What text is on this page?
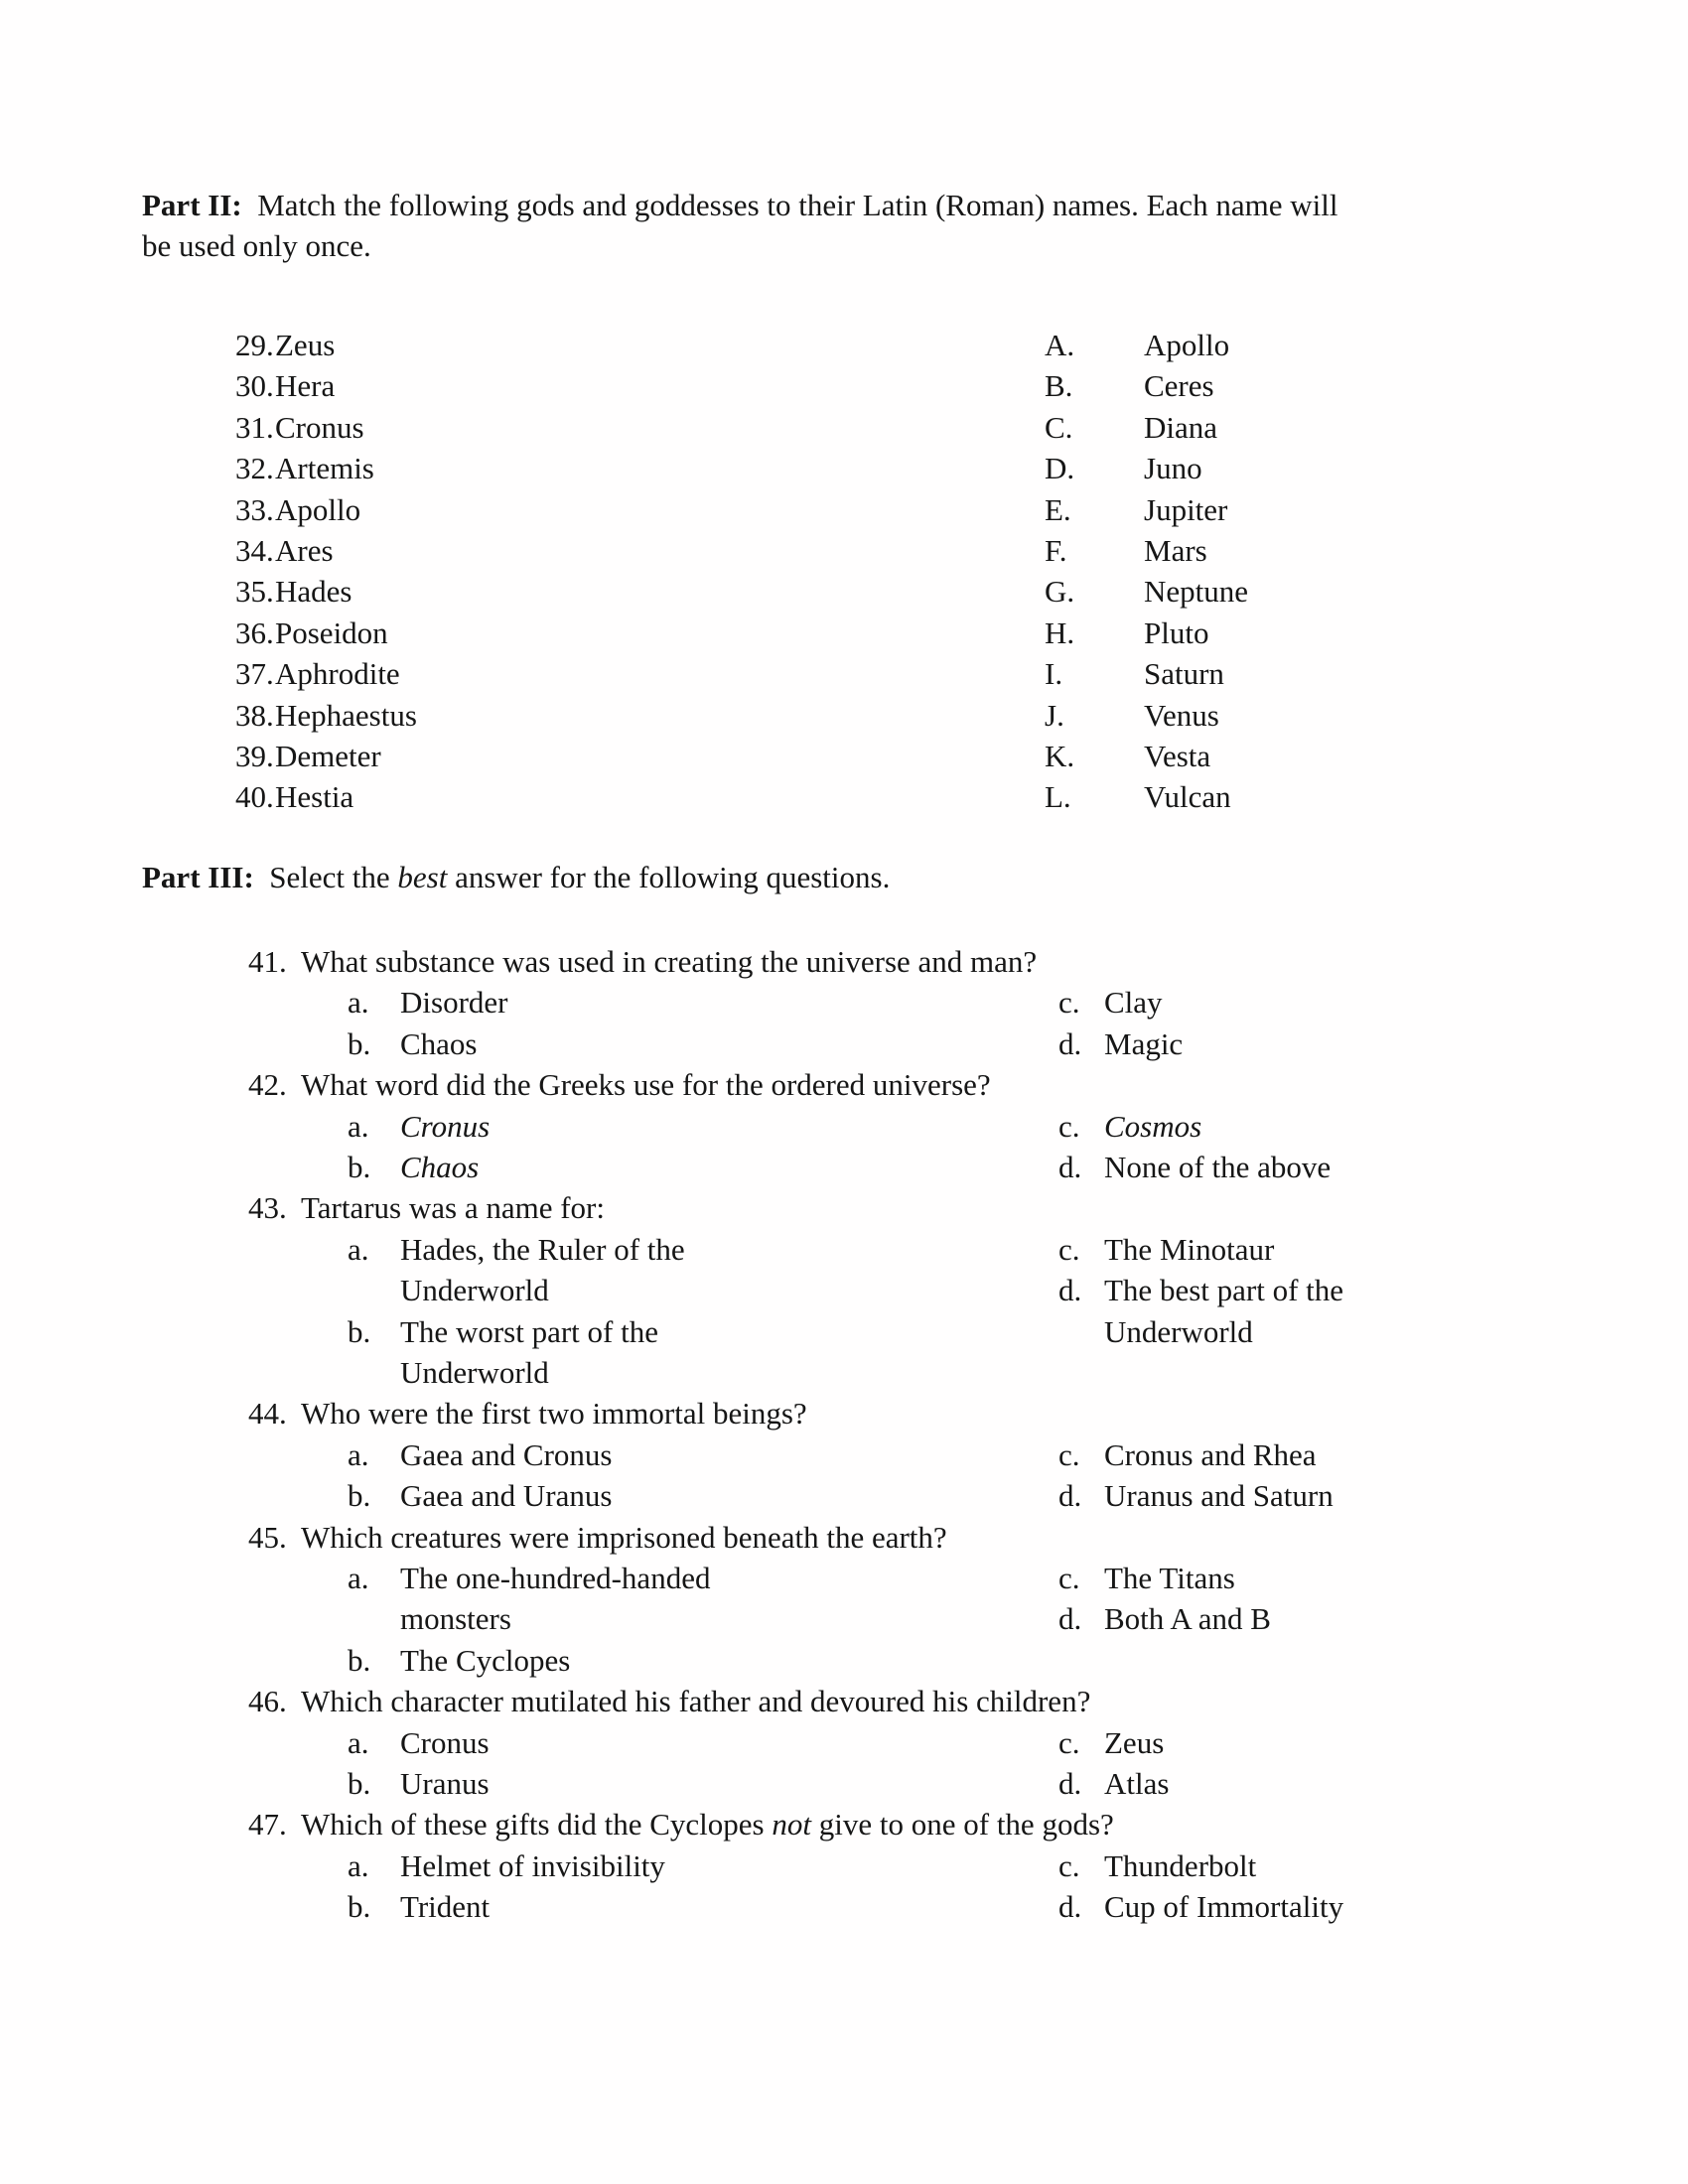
Part II:  Match the following gods and goddesses to their Latin (Roman) names. Each name will
be used only once.

29. Zeus	A. Apollo
30. Hera	B. Ceres
31. Cronus	C. Diana
32. Artemis	D. Juno
33. Apollo	E. Jupiter
34. Ares	F. Mars
35. Hades	G. Neptune
36. Poseidon	H. Pluto
37. Aphrodite	I.	Saturn
38. Hephaestus	J.	Venus
39. Demeter	K. Vesta
40. Hestia	L. Vulcan

Part III:  Select the best answer for the following questions.

41. What substance was used in creating the universe and man?
a.	Disorder
b. Chaos
c. Clay
d. Magic
42. What word did the Greeks use for the ordered universe?
a.	Cronus
b. Chaos
c. Cosmos
d. None of the above
43. Tartarus was a name for:
a.	Hades, the Ruler of the
Underworld
b. The worst part of the
Underworld
c. The Minotaur
d. The best part of the
Underworld
44. Who were the first two immortal beings?
a.	Gaea and Cronus
b. Gaea and Uranus
c. Cronus and Rhea
d. Uranus and Saturn
45. Which creatures were imprisoned beneath the earth?
a.	The one-hundred-handed
monsters
b. The Cyclopes
c. The Titans
d. Both A and B
46. Which character mutilated his father and devoured his children?
a.	Cronus
b. Uranus
c. Zeus
d. Atlas
47. Which of these gifts did the Cyclopes not give to one of the gods?
a.	Helmet of invisibility
b. Trident
c. Thunderbolt
d. Cup of Immortality
